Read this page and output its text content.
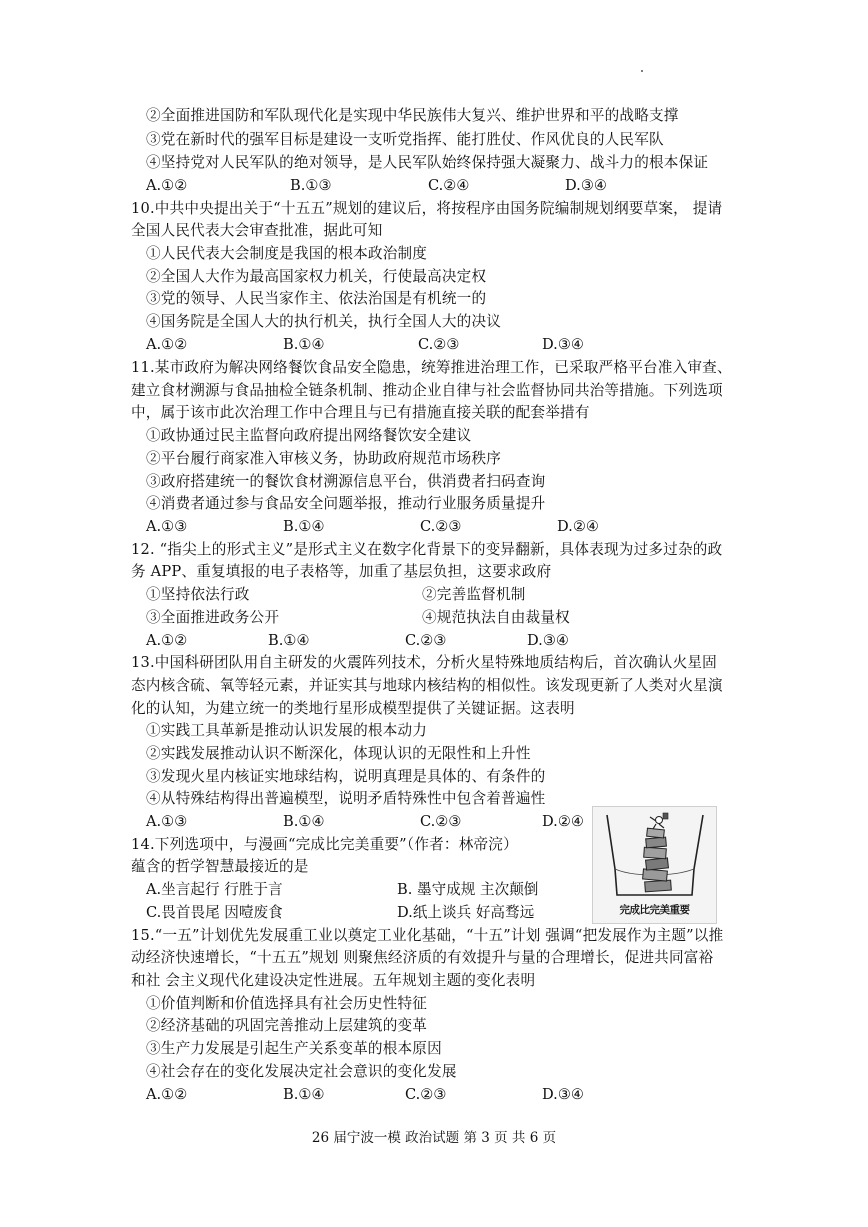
②全面推进国防和军队现代化是实现中华民族伟大复兴、维护世界和平的战略支撑
③党在新时代的强军目标是建设一支听党指挥、能打胜仗、作风优良的人民军队
④坚持党对人民军队的绝对领导，是人民军队始终保持强大凝聚力、战斗力的根本保证
A.①②	B.①③	C.②④	D.③④
10.中共中央提出关于“十五五”规划的建议后，将按程序由国务院编制规划纲要草案， 提请
全国人民代表大会审查批准，据此可知
①人民代表大会制度是我国的根本政治制度
②全国人大作为最高国家权力机关，行使最高决定权
③党的领导、人民当家作主、依法治国是有机统一的
④国务院是全国人大的执行机关，执行全国人大的决议
A.①②	B.①④	C.②③	D.③④
11.某市政府为解决网络餐饮食品安全隐患，统筹推进治理工作，已采取严格平台准入审查、
建立食材溯源与食品抽检全链条机制、推动企业自律与社会监督协同共治等措施。下列选项
中，属于该市此次治理工作中合理且与已有措施直接关联的配套举措有
①政协通过民主监督向政府提出网络餐饮安全建议
②平台履行商家准入审核义务，协助政府规范市场秩序
③政府搭建统一的餐饮食材溯源信息平台，供消费者扫码查询
④消费者通过参与食品安全问题举报，推动行业服务质量提升
A.①③	B.①④	C.②③	D.②④
12. “指尖上的形式主义”是形式主义在数字化背景下的变异翻新，具体表现为过多过杂的政
务 APP、重复填报的电子表格等，加重了基层负担，这要求政府
①坚持依法行政	②完善监督机制
③全面推进政务公开	④规范执法自由裁量权
A.①②	B.①④	C.②③	D.③④
13.中国科研团队用自主研发的火震阵列技术，分析火星特殊地质结构后，首次确认火星固
态内核含硫、氧等轻元素，并证实其与地球内核结构的相似性。该发现更新了人类对火星演
化的认知，为建立统一的类地行星形成模型提供了关键证据。这表明
①实践工具革新是推动认识发展的根本动力
②实践发展推动认识不断深化，体现认识的无限性和上升性
③发现火星内核证实地球结构，说明真理是具体的、有条件的
④从特殊结构得出普遍模型，说明矛盾特殊性中包含着普遍性
A.①③	B.①④	C.②③	D.②④
14.下列选项中，与漫画“完成比完美重要”（作者：林帝浣）
蕴含的哲学智慧最接近的是
A.坐言起行 行胜于言	B. 墨守成规 主次颠倒
C.畏首畏尾 因噎废食	D.纸上谈兵 好高骛远	完成比完美重要
15.“一五”计划优先发展重工业以奠定工业化基础，“十五”计划 强调“把发展作为主题”以推
动经济快速增长，“十五五”规划 则聚焦经济质的有效提升与量的合理增长，促进共同富裕
和社 会主义现代化建设决定性进展。五年规划主题的变化表明
①价值判断和价值选择具有社会历史性特征
②经济基础的巩固完善推动上层建筑的变革
③生产力发展是引起生产关系变革的根本原因
④社会存在的变化发展决定社会意识的变化发展
A.①②	B.①④	C.②③	D.③④
26 届宁波一模 政治试题 第 3 页 共 6 页
